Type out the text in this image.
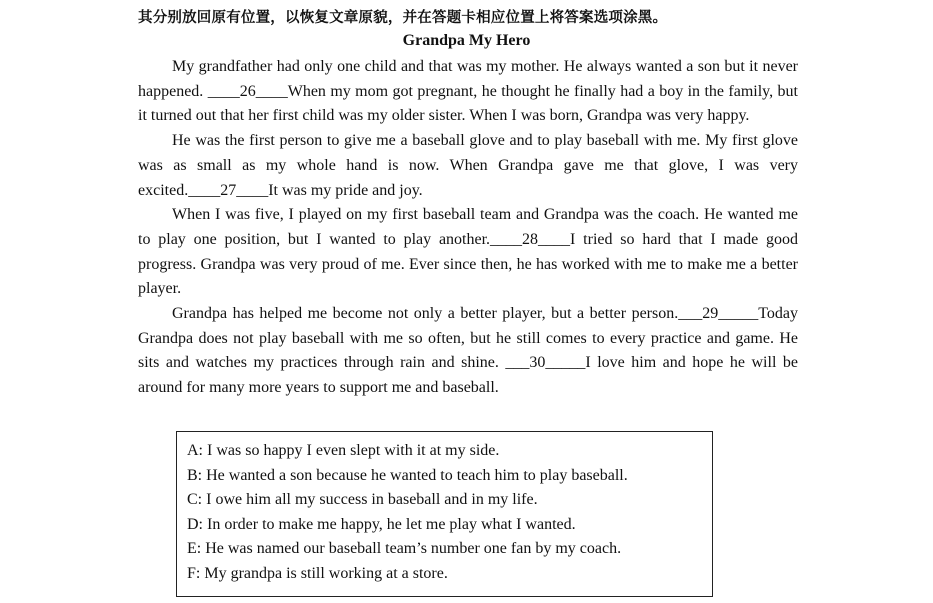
其分别放回原有位置，以恢复文章原貌，并在答题卡相应位置上将答案选项涂黑。
Grandpa My Hero

My grandfather had only one child and that was my mother. He always wanted a son but it never happened. ____26____When my mom got pregnant, he thought he finally had a boy in the family, but it turned out that her first child was my older sister. When I was born, Grandpa was very happy.

He was the first person to give me a baseball glove and to play baseball with me. My first glove was as small as my whole hand is now. When Grandpa gave me that glove, I was very excited.____27____It was my pride and joy.

When I was five, I played on my first baseball team and Grandpa was the coach. He wanted me to play one position, but I wanted to play another.____28____I tried so hard that I made good progress. Grandpa was very proud of me. Ever since then, he has worked with me to make me a better player.

Grandpa has helped me become not only a better player, but a better person.___29_____Today Grandpa does not play baseball with me so often, but he still comes to every practice and game. He sits and watches my practices through rain and shine. ___30_____I love him and hope he will be around for many more years to support me and baseball.

A: I was so happy I even slept with it at my side.
B: He wanted a son because he wanted to teach him to play baseball.
C: I owe him all my success in baseball and in my life.
D: In order to make me happy, he let me play what I wanted.
E: He was named our baseball team’s number one fan by my coach.
F: My grandpa is still working at a store.
